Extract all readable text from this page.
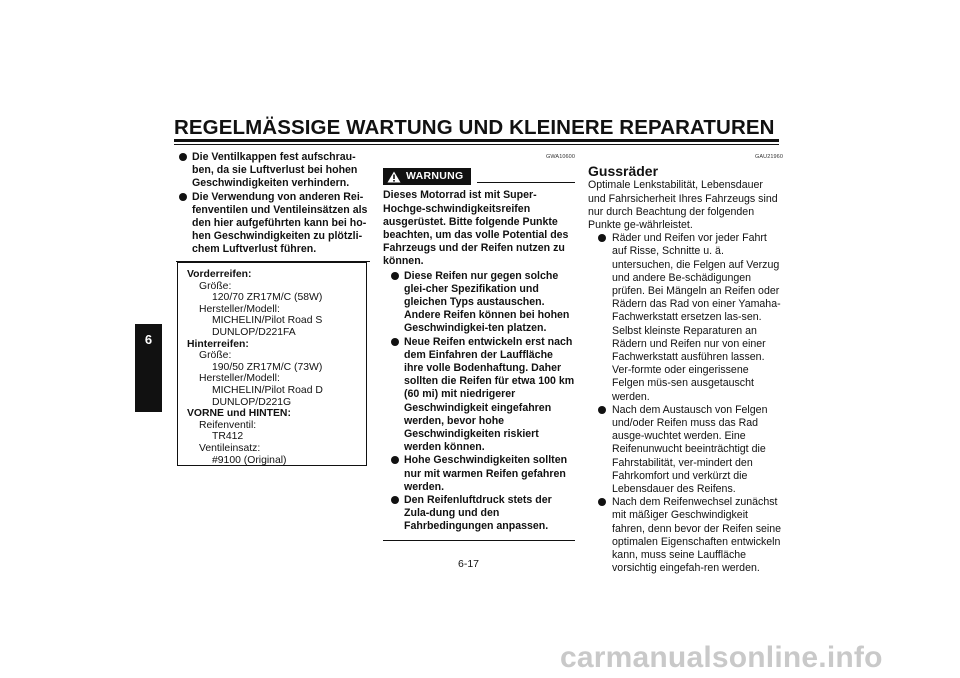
REGELMÄSSIGE WARTUNG UND KLEINERE REPARATUREN
6
Die Ventilkappen fest aufschrau-ben, da sie Luftverlust bei hohen Geschwindigkeiten verhindern.
Die Verwendung von anderen Rei-fenventilen und Ventileinsätzen als den hier aufgeführten kann bei ho-hen Geschwindigkeiten zu plötzli-chem Luftverlust führen.
Vorderreifen:
Größe:
120/70 ZR17M/C (58W)
Hersteller/Modell:
MICHELIN/Pilot Road S
DUNLOP/D221FA
Hinterreifen:
Größe:
190/50 ZR17M/C (73W)
Hersteller/Modell:
MICHELIN/Pilot Road D
DUNLOP/D221G
VORNE und HINTEN:
Reifenventil:
TR412
Ventileinsatz:
#9100 (Original)
GWA10600
WARNUNG
Dieses Motorrad ist mit Super-Hochge-schwindigkeitsreifen ausgerüstet. Bitte folgende Punkte beachten, um das volle Potential des Fahrzeugs und der Reifen nutzen zu können.
Diese Reifen nur gegen solche glei-cher Spezifikation und gleichen Typs austauschen. Andere Reifen können bei hohen Geschwindigkei-ten platzen.
Neue Reifen entwickeln erst nach dem Einfahren der Lauffläche ihre volle Bodenhaftung. Daher sollten die Reifen für etwa 100 km (60 mi) mit niedrigerer Geschwindigkeit eingefahren werden, bevor hohe Geschwindigkeiten riskiert werden können.
Hohe Geschwindigkeiten sollten nur mit warmen Reifen gefahren werden.
Den Reifenluftdruck stets der Zula-dung und den Fahrbedingungen anpassen.
GAU21960
Gussräder
Optimale Lenkstabilität, Lebensdauer und Fahrsicherheit Ihres Fahrzeugs sind nur durch Beachtung der folgenden Punkte ge-währleistet.
Räder und Reifen vor jeder Fahrt auf Risse, Schnitte u. ä. untersuchen, die Felgen auf Verzug und andere Be-schädigungen prüfen. Bei Mängeln an Reifen oder Rädern das Rad von einer Yamaha-Fachwerkstatt ersetzen las-sen. Selbst kleinste Reparaturen an Rädern und Reifen nur von einer Fachwerkstatt ausführen lassen. Ver-formte oder eingerissene Felgen müs-sen ausgetauscht werden.
Nach dem Austausch von Felgen und/oder Reifen muss das Rad ausge-wuchtet werden. Eine Reifenunwucht beeinträchtigt die Fahrstabilität, ver-mindert den Fahrkomfort und verkürzt die Lebensdauer des Reifens.
Nach dem Reifenwechsel zunächst mit mäßiger Geschwindigkeit fahren, denn bevor der Reifen seine optimalen Eigenschaften entwickeln kann, muss seine Lauffläche vorsichtig eingefah-ren werden.
6-17
carmanualsonline.info
